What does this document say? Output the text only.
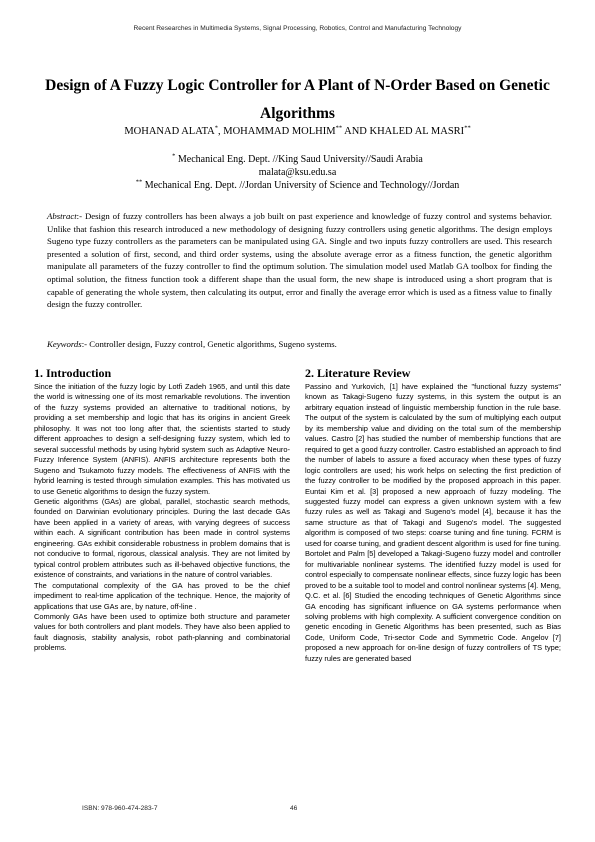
Recent Researches in Multimedia Systems, Signal Processing, Robotics, Control and Manufacturing Technology
Design of A Fuzzy Logic Controller for A Plant of N-Order Based on Genetic Algorithms
MOHANAD ALATA*, MOHAMMAD MOLHIM** AND KHALED AL MASRI**
* Mechanical Eng. Dept. //King Saud University//Saudi Arabia
malata@ksu.edu.sa
** Mechanical Eng. Dept. //Jordan University of Science and Technology//Jordan
Abstract:- Design of fuzzy controllers has been always a job built on past experience and knowledge of fuzzy control and systems behavior. Unlike that fashion this research introduced a new methodology of designing fuzzy controllers using genetic algorithms. The design employs Sugeno type fuzzy controllers as the parameters can be manipulated using GA. Single and two inputs fuzzy controllers are used. This research presented a solution of first, second, and third order systems, using the absolute average error as a fitness function, the genetic algorithm manipulate all parameters of the fuzzy controller to find the optimum solution. The simulation model used Matlab GA toolbox for finding the optimal solution, the fitness function took a different shape than the usual form, the new shape is introduced using a short program that is capable of generating the whole system, then calculating its output, error and finally the average error which is used as a fitness value to finally design the fuzzy controller.
Keywords:- Controller design, Fuzzy control, Genetic algorithms, Sugeno systems.
1. Introduction

Since the initiation of the fuzzy logic by Lotfi Zadeh 1965, and until this date the world is witnessing one of its most remarkable revolutions. The invention of the fuzzy systems provided an alternative to traditional notions, by providing a set membership and logic that has its origins in ancient Greek philosophy. It was not too long after that, the scientists started to study different approaches to design a self-designing fuzzy system, which led to several successful methods by using hybrid system such as Adaptive Neuro-Fuzzy Inference System (ANFIS). ANFIS architecture represents both the Sugeno and Tsukamoto fuzzy models. The effectiveness of ANFIS with the hybrid learning is tested through simulation examples. This has motivated us to use Genetic algorithms to design the fuzzy system.

Genetic algorithms (GAs) are global, parallel, stochastic search methods, founded on Darwinian evolutionary principles. During the last decade GAs have been applied in a variety of areas, with varying degrees of success within each. A significant contribution has been made in control systems engineering. GAs exhibit considerable robustness in problem domains that is not conducive to formal, rigorous, classical analysis. They are not limited by typical control problem attributes such as ill-behaved objective functions, the existence of constraints, and variations in the nature of control variables.

The computational complexity of the GA has proved to be the chief impediment to real-time application of the technique. Hence, the majority of applications that use GAs are, by nature, off-line .

Commonly GAs have been used to optimize both structure and parameter values for both controllers and plant models. They have also been applied to fault diagnosis, stability analysis, robot path-planning and combinatorial problems.

2. Literature Review

Passino and Yurkovich, [1] have explained the "functional fuzzy systems" known as Takagi-Sugeno fuzzy systems, in this system the output is an arbitrary equation instead of linguistic membership function in the rule base. The output of the system is calculated by the sum of multiplying each output by its membership value and dividing on the total sum of the membership values. Castro [2] has studied the number of membership functions that are required to get a good fuzzy controller. Castro established an approach to find the number of labels to assure a fixed accuracy when these types of fuzzy logic controllers are used; his work helps on selecting the first prediction of the fuzzy controller to be modified by the proposed approach in this paper. Euntai Kim et al. [3] proposed a new approach of fuzzy modeling. The suggested fuzzy model can express a given unknown system with a few fuzzy rules as well as Takagi and Sugeno's model [4], because it has the same structure as that of Takagi and Sugeno's model. The suggested algorithm is composed of two steps: coarse tuning and fine tuning. FCRM is used for coarse tuning, and gradient descent algorithm is used for fine tuning. Bortolet and Palm [5] developed a Takagi-Sugeno fuzzy model and controller for multivariable nonlinear systems. The identified fuzzy model is used for control especially to compensate nonlinear effects, since fuzzy logic has been proved to be a suitable tool to model and control nonlinear systems [4]. Meng, Q.C. et al. [6] Studied the encoding techniques of Genetic Algorithms since GA encoding has significant influence on GA systems performance when solving problems with high complexity. A sufficient convergence condition on genetic encoding in Genetic Algorithms has been presented, such as Bias Code, Uniform Code, Tri-sector Code and Symmetric Code. Angelov [7] proposed a new approach for on-line design of fuzzy controllers of TS type; fuzzy rules are generated based

ISBN: 978-960-474-283-7	46
